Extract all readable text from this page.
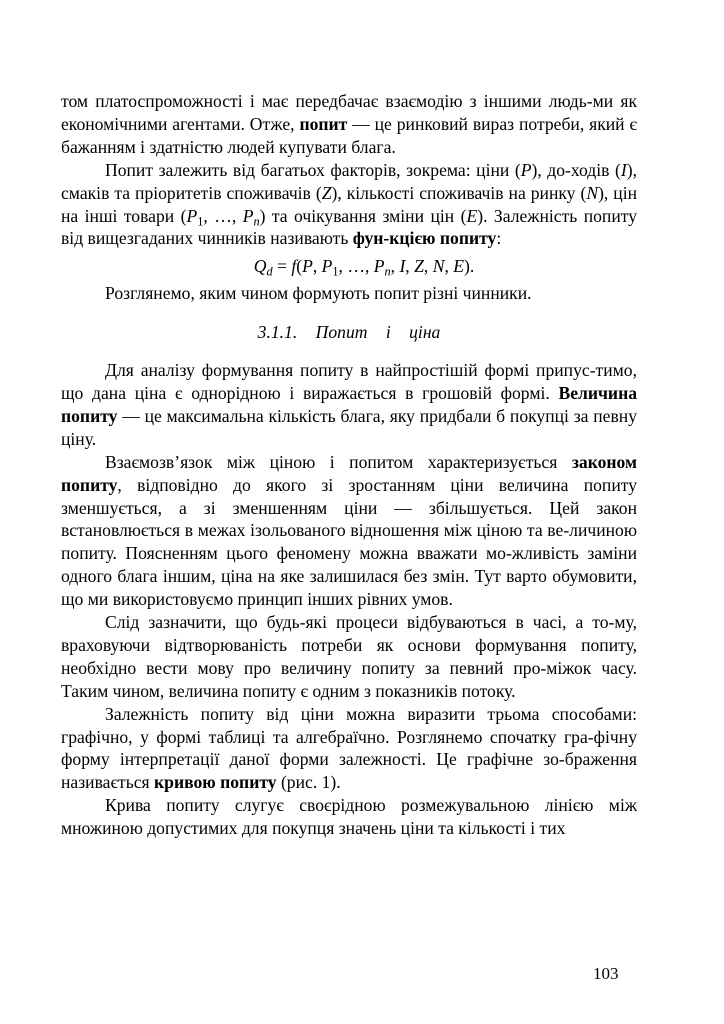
том платоспроможності і має передбачає взаємодію з іншими людь-ми як економічними агентами. Отже, попит — це ринковий вираз потреби, який є бажанням і здатністю людей купувати блага.

Попит залежить від багатьох факторів, зокрема: ціни (P), до-ходів (I), смаків та пріоритетів споживачів (Z), кількості споживачів на ринку (N), цін на інші товари ($P_1$, …, $P_n$) та очікування зміни цін (E). Залежність попиту від вищезгаданих чинників називають фун-кцією попиту:

$Q_d = f(P$, $P_1$, …, $P_n$, I, Z, N, E).

Розглянемо, яким чином формують попит різні чинники.

3.1.1. Попит і ціна

Для аналізу формування попиту в найпростішій формі припус-тимо, що дана ціна є однорідною і виражається в грошовій формі. Величина попиту — це максимальна кількість блага, яку придбали б покупці за певну ціну.

Взаємозв’язок між ціною і попитом характеризується законом попиту, відповідно до якого зі зростанням ціни величина попиту зменшується, а зі зменшенням ціни — збільшується. Цей закон встановлюється в межах ізольованого відношення між ціною та ве-личиною попиту. Поясненням цього феномену можна вважати мо-жливість заміни одного блага іншим, ціна на яке залишилася без змін. Тут варто обумовити, що ми використовуємо принцип інших рівних умов.

Слід зазначити, що будь-які процеси відбуваються в часі, а то-му, враховуючи відтворюваність потреби як основи формування попиту, необхідно вести мову про величину попиту за певний про-міжок часу. Таким чином, величина попиту є одним з показників потоку.

Залежність попиту від ціни можна виразити трьома способами: графічно, у формі таблиці та алгебраїчно. Розглянемо спочатку гра-фічну форму інтерпретації даної форми залежності. Це графічне зо-браження називається кривою попиту (рис. 1).

Крива попиту слугує своєрідною розмежувальною лінією між множиною допустимих для покупця значень ціни та кількості і тих

103
